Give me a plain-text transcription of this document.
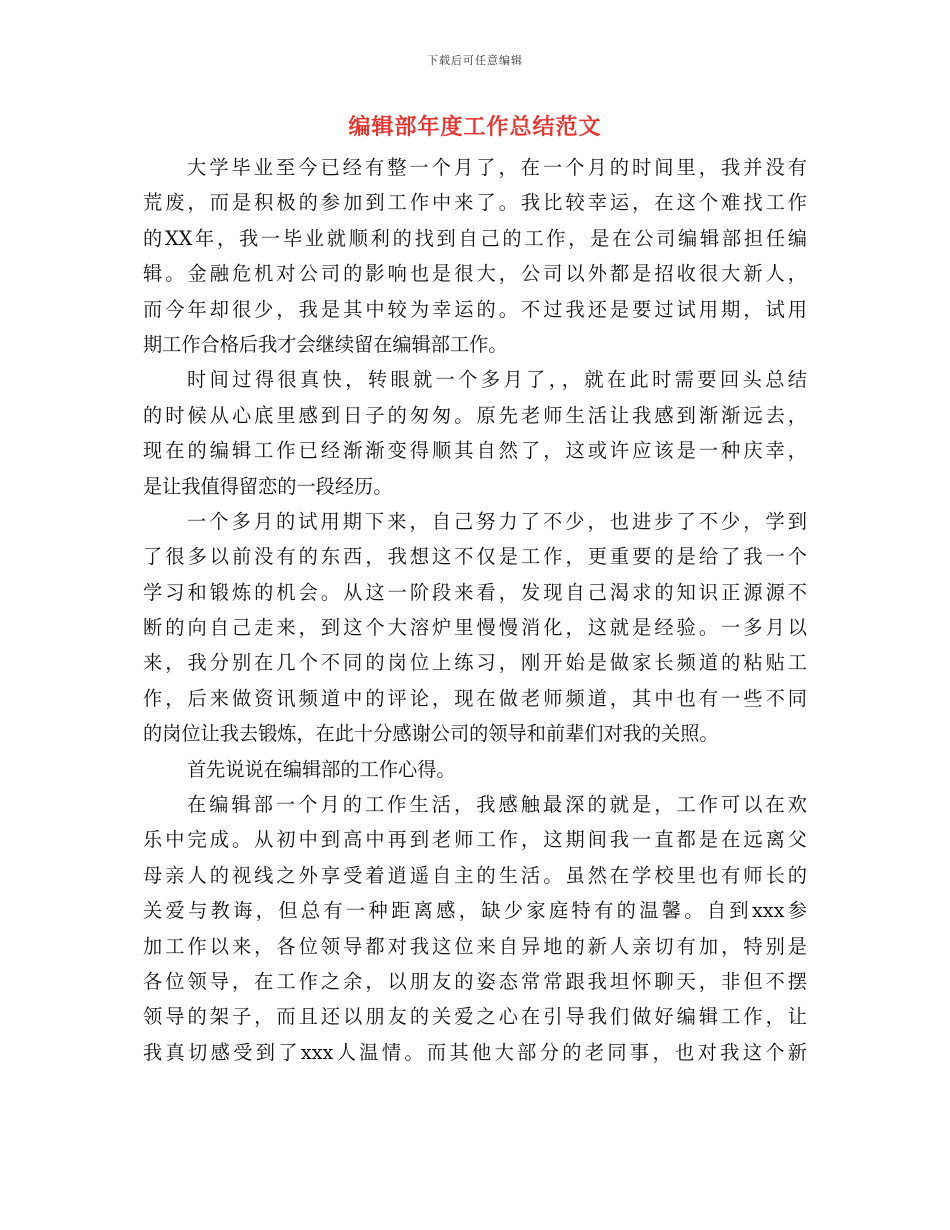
下载后可任意编辑
编辑部年度工作总结范文
大学毕业至今已经有整一个月了，在一个月的时间里，我并没有
荒废，而是积极的参加到工作中来了。我比较幸运，在这个难找工作
的XX年，我一毕业就顺利的找到自己的工作，是在公司编辑部担任编
辑。金融危机对公司的影响也是很大，公司以外都是招收很大新人，
而今年却很少，我是其中较为幸运的。不过我还是要过试用期，试用
期工作合格后我才会继续留在编辑部工作。
时间过得很真快，转眼就一个多月了，，就在此时需要回头总结
的时候从心底里感到日子的匆匆。原先老师生活让我感到渐渐远去，
现在的编辑工作已经渐渐变得顺其自然了，这或许应该是一种庆幸，
是让我值得留恋的一段经历。
一个多月的试用期下来，自己努力了不少，也进步了不少，学到
了很多以前没有的东西，我想这不仅是工作，更重要的是给了我一个
学习和锻炼的机会。从这一阶段来看，发现自己渴求的知识正源源不
断的向自己走来，到这个大溶炉里慢慢消化，这就是经验。一多月以
来，我分别在几个不同的岗位上练习，刚开始是做家长频道的粘贴工
作，后来做资讯频道中的评论，现在做老师频道，其中也有一些不同
的岗位让我去锻炼，在此十分感谢公司的领导和前辈们对我的关照。
首先说说在编辑部的工作心得。
在编辑部一个月的工作生活，我感触最深的就是，工作可以在欢
乐中完成。从初中到高中再到老师工作，这期间我一直都是在远离父
母亲人的视线之外享受着逍遥自主的生活。虽然在学校里也有师长的
关爱与教诲，但总有一种距离感，缺少家庭特有的温馨。自到xxx参
加工作以来，各位领导都对我这位来自异地的新人亲切有加，特别是
各位领导，在工作之余，以朋友的姿态常常跟我坦怀聊天，非但不摆
领导的架子，而且还以朋友的关爱之心在引导我们做好编辑工作，让
我真切感受到了xxx人温情。而其他大部分的老同事，也对我这个新
